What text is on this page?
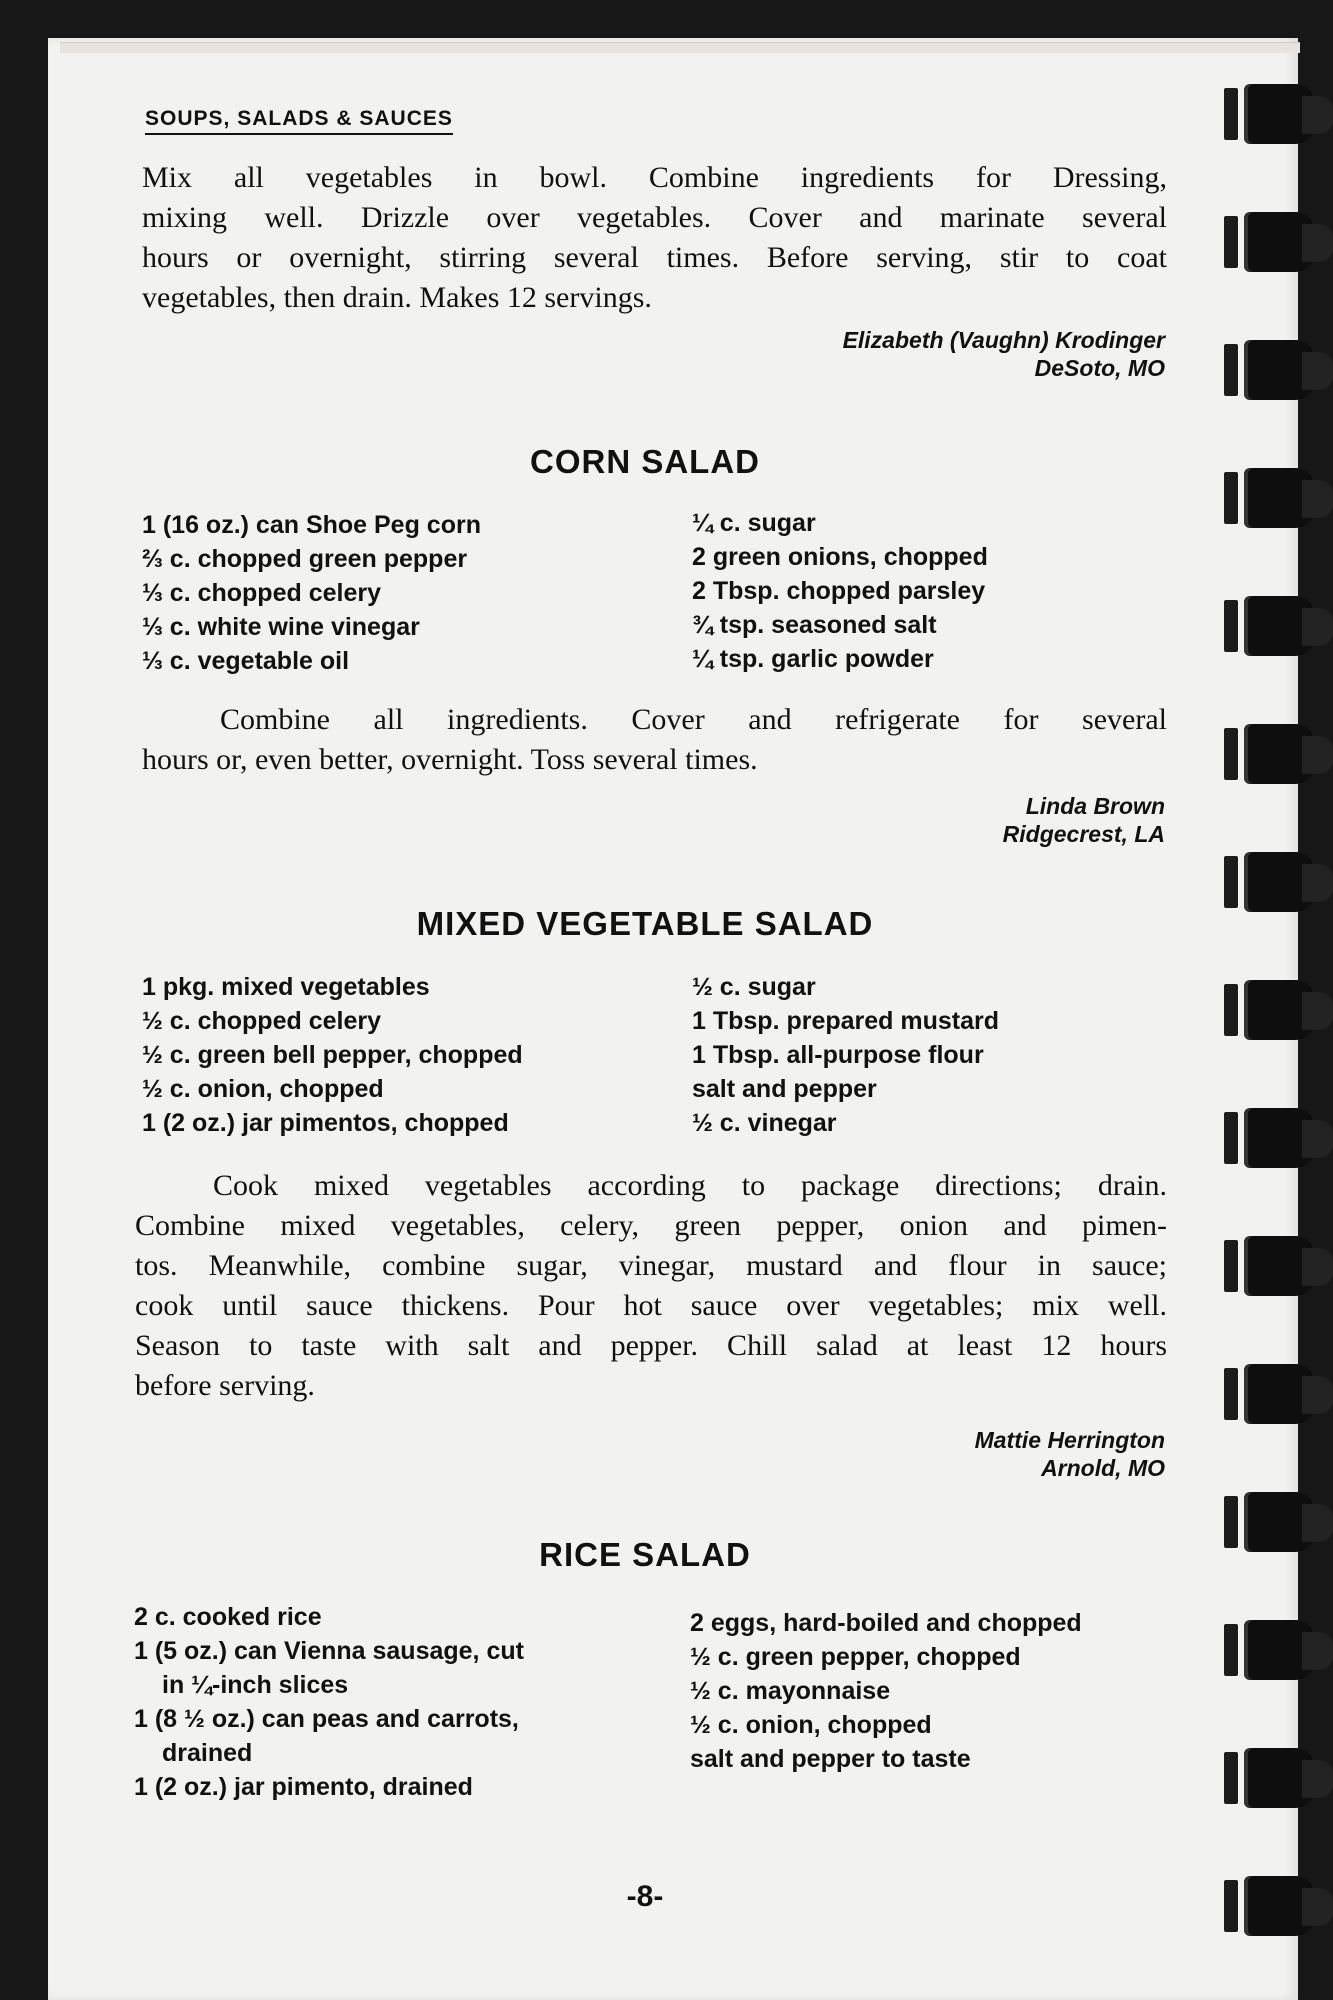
SOUPS, SALADS & SAUCES
Mix all vegetables in bowl. Combine ingredients for Dressing,
mixing well. Drizzle over vegetables. Cover and marinate several
hours or overnight, stirring several times. Before serving, stir to coat
vegetables, then drain. Makes 12 servings.
Elizabeth (Vaughn) Krodinger
DeSoto, MO
CORN SALAD
1 (16 oz.) can Shoe Peg corn
⅔ c. chopped green pepper
⅓ c. chopped celery
⅓ c. white wine vinegar
⅓ c. vegetable oil
¼ c. sugar
2 green onions, chopped
2 Tbsp. chopped parsley
¾ tsp. seasoned salt
¼ tsp. garlic powder
Combine all ingredients. Cover and refrigerate for several
hours or, even better, overnight. Toss several times.
Linda Brown
Ridgecrest, LA
MIXED VEGETABLE SALAD
1 pkg. mixed vegetables
½ c. chopped celery
½ c. green bell pepper, chopped
½ c. onion, chopped
1 (2 oz.) jar pimentos, chopped
½ c. sugar
1 Tbsp. prepared mustard
1 Tbsp. all-purpose flour
salt and pepper
½ c. vinegar
Cook mixed vegetables according to package directions; drain.
Combine mixed vegetables, celery, green pepper, onion and pimen-
tos. Meanwhile, combine sugar, vinegar, mustard and flour in sauce;
cook until sauce thickens. Pour hot sauce over vegetables; mix well.
Season to taste with salt and pepper. Chill salad at least 12 hours
before serving.
Mattie Herrington
Arnold, MO
RICE SALAD
2 c. cooked rice
1 (5 oz.) can Vienna sausage, cut
in ¼-inch slices
1 (8 ½ oz.) can peas and carrots,
drained
1 (2 oz.) jar pimento, drained
2 eggs, hard-boiled and chopped
½ c. green pepper, chopped
½ c. mayonnaise
½ c. onion, chopped
salt and pepper to taste
-8-
